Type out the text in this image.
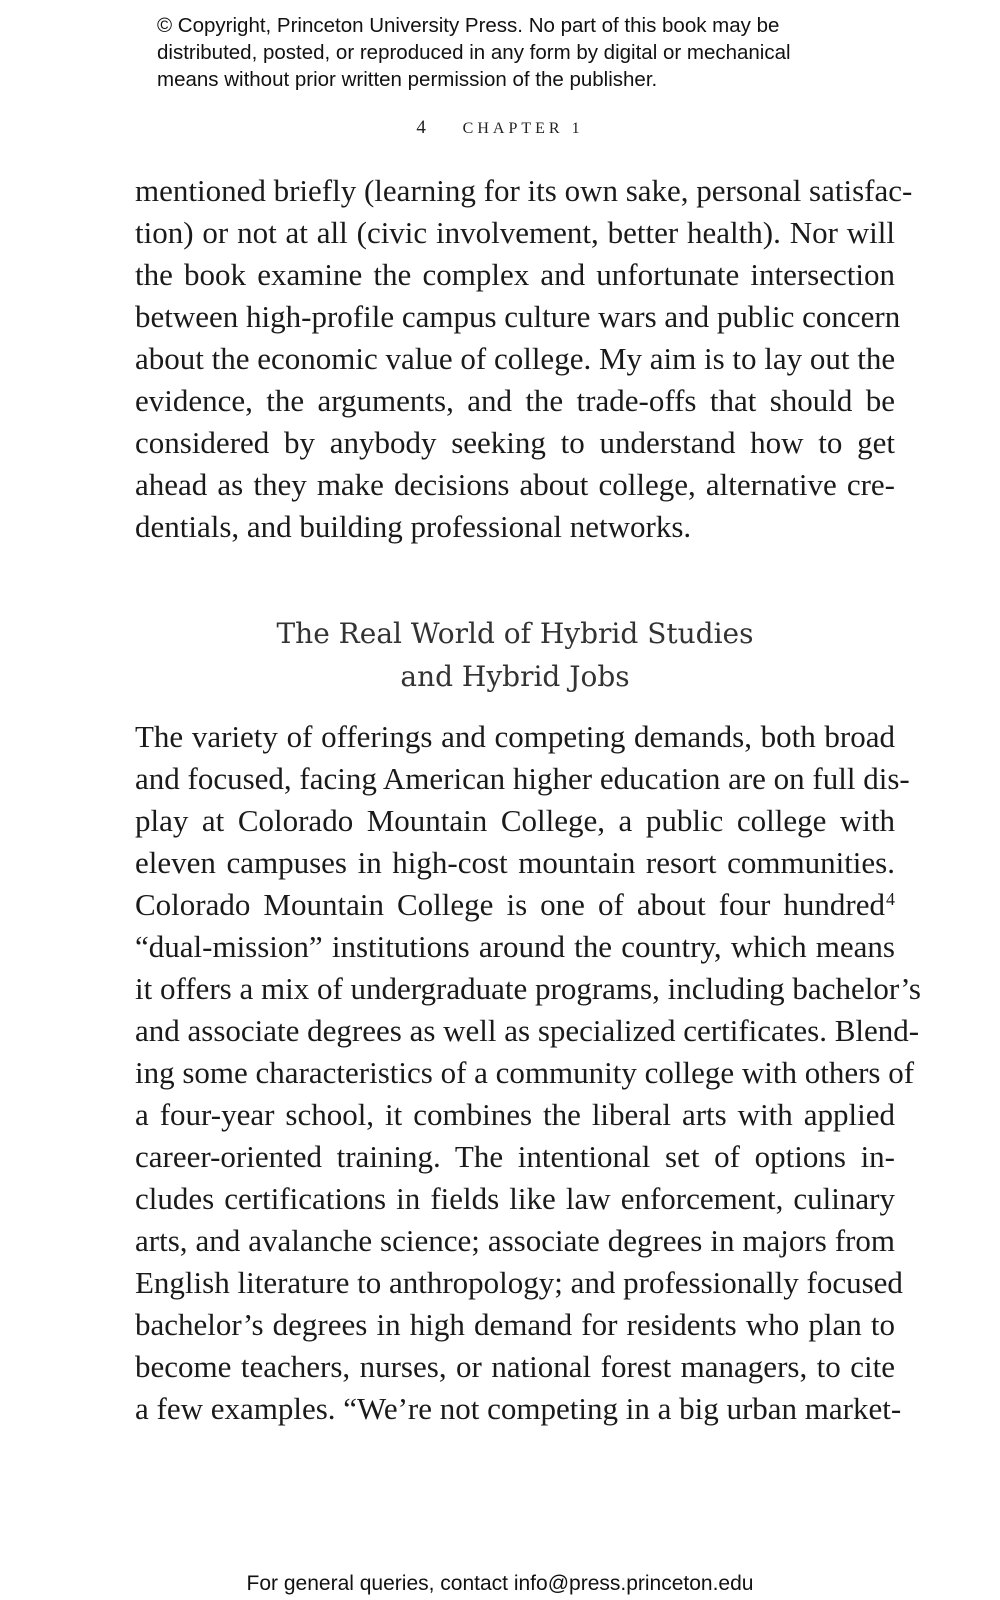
© Copyright, Princeton University Press. No part of this book may be
distributed, posted, or reproduced in any form by digital or mechanical
means without prior written permission of the publisher.
4 CHAPTER 1
mentioned briefly (learning for its own sake, personal satisfac-
tion) or not at all (civic involvement, better health). Nor will
the book examine the complex and unfortunate intersection
between high-profile campus culture wars and public concern
about the economic value of college. My aim is to lay out the
evidence, the arguments, and the trade-offs that should be
considered by anybody seeking to understand how to get
ahead as they make decisions about college, alternative cre-
dentials, and building professional networks.
The Real World of Hybrid Studies
and Hybrid Jobs
The variety of offerings and competing demands, both broad
and focused, facing American higher education are on full dis-
play at Colorado Mountain College, a public college with
eleven campuses in high-cost mountain resort communities.
Colorado Mountain College is one of about four hundred$^4$
“dual-mission” institutions around the country, which means
it offers a mix of undergraduate programs, including bachelor’s
and associate degrees as well as specialized certificates. Blend-
ing some characteristics of a community college with others of
a four-year school, it combines the liberal arts with applied
career-oriented training. The intentional set of options in-
cludes certifications in fields like law enforcement, culinary
arts, and avalanche science; associate degrees in majors from
English literature to anthropology; and professionally focused
bachelor’s degrees in high demand for residents who plan to
become teachers, nurses, or national forest managers, to cite
a few examples. “We’re not competing in a big urban market-
For general queries, contact info@press.princeton.edu
